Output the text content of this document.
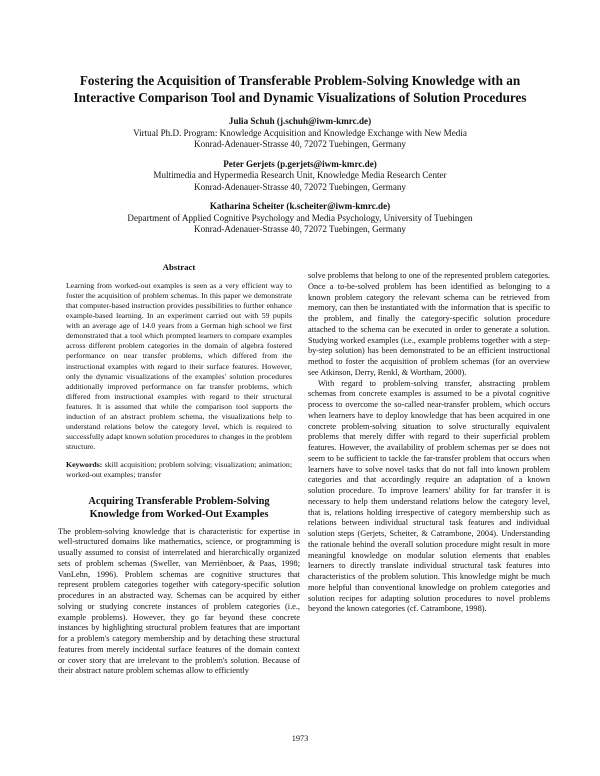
Fostering the Acquisition of Transferable Problem-Solving Knowledge with an
Interactive Comparison Tool and Dynamic Visualizations of Solution Procedures
Julia Schuh (j.schuh@iwm-kmrc.de)
Virtual Ph.D. Program: Knowledge Acquisition and Knowledge Exchange with New Media
Konrad-Adenauer-Strasse 40, 72072 Tuebingen, Germany
Peter Gerjets (p.gerjets@iwm-kmrc.de)
Multimedia and Hypermedia Research Unit, Knowledge Media Research Center
Konrad-Adenauer-Strasse 40, 72072 Tuebingen, Germany
Katharina Scheiter (k.scheiter@iwm-kmrc.de)
Department of Applied Cognitive Psychology and Media Psychology, University of Tuebingen
Konrad-Adenauer-Strasse 40, 72072 Tuebingen, Germany
Abstract

Learning from worked-out examples is seen as a very efficient way to foster the acquisition of problem schemas. In this paper we demonstrate that computer-based instruction provides possibilities to further enhance example-based learning. In an experiment carried out with 59 pupils with an average age of 14.0 years from a German high school we first demonstrated that a tool which prompted learners to compare examples across different problem categories in the domain of algebra fostered performance on near transfer problems, which differed from the instructional examples with regard to their surface features. However, only the dynamic visualizations of the examples' solution procedures additionally improved performance on far transfer problems, which differed from instructional examples with regard to their structural features. It is assumed that while the comparison tool supports the induction of an abstract problem schema, the visualizations help to understand relations below the category level, which is required to successfully adapt known solution procedures to changes in the problem structure.

Keywords: skill acquisition; problem solving; visualization; animation; worked-out examples; transfer

Acquiring Transferable Problem-Solving
Knowledge from Worked-Out Examples

The problem-solving knowledge that is characteristic for expertise in well-structured domains like mathematics, science, or programming is usually assumed to consist of interrelated and hierarchically organized sets of problem schemas (Sweller, van Merriënboer, & Paas, 1998; VanLehn, 1996). Problem schemas are cognitive structures that represent problem categories together with category-specific solution procedures in an abstracted way. Schemas can be acquired by either solving or studying concrete instances of problem categories (i.e., example problems). However, they go far beyond these concrete instances by highlighting structural problem features that are important for a problem's category membership and by detaching these structural features from merely incidental surface features of the domain context or cover story that are irrelevant to the problem's solution. Because of their abstract nature problem schemas allow to efficiently

solve problems that belong to one of the represented problem categories. Once a to-be-solved problem has been identified as belonging to a known problem category the relevant schema can be retrieved from memory, can then be instantiated with the information that is specific to the problem, and finally the category-specific solution procedure attached to the schema can be executed in order to generate a solution. Studying worked examples (i.e., example problems together with a step-by-step solution) has been demonstrated to be an efficient instructional method to foster the acquisition of problem schemas (for an overview see Atkinson, Derry, Renkl, & Wortham, 2000).

With regard to problem-solving transfer, abstracting problem schemas from concrete examples is assumed to be a pivotal cognitive process to overcome the so-called near-transfer problem, which occurs when learners have to deploy knowledge that has been acquired in one concrete problem-solving situation to solve structurally equivalent problems that merely differ with regard to their superficial problem features. However, the availability of problem schemas per se does not seem to be sufficient to tackle the far-transfer problem that occurs when learners have to solve novel tasks that do not fall into known problem categories and that accordingly require an adaptation of a known solution procedure. To improve learners' ability for far transfer it is necessary to help them understand relations below the category level, that is, relations holding irrespective of category membership such as relations between individual structural task features and individual solution steps (Gerjets, Scheiter, & Catrambone, 2004). Understanding the rationale behind the overall solution procedure might result in more meaningful knowledge on modular solution elements that enables learners to directly translate individual structural task features into characteristics of the problem solution. This knowledge might be much more helpful than conventional knowledge on problem categories and solution recipes for adapting solution procedures to novel problems beyond the known categories (cf. Catrambone, 1998).

1973
